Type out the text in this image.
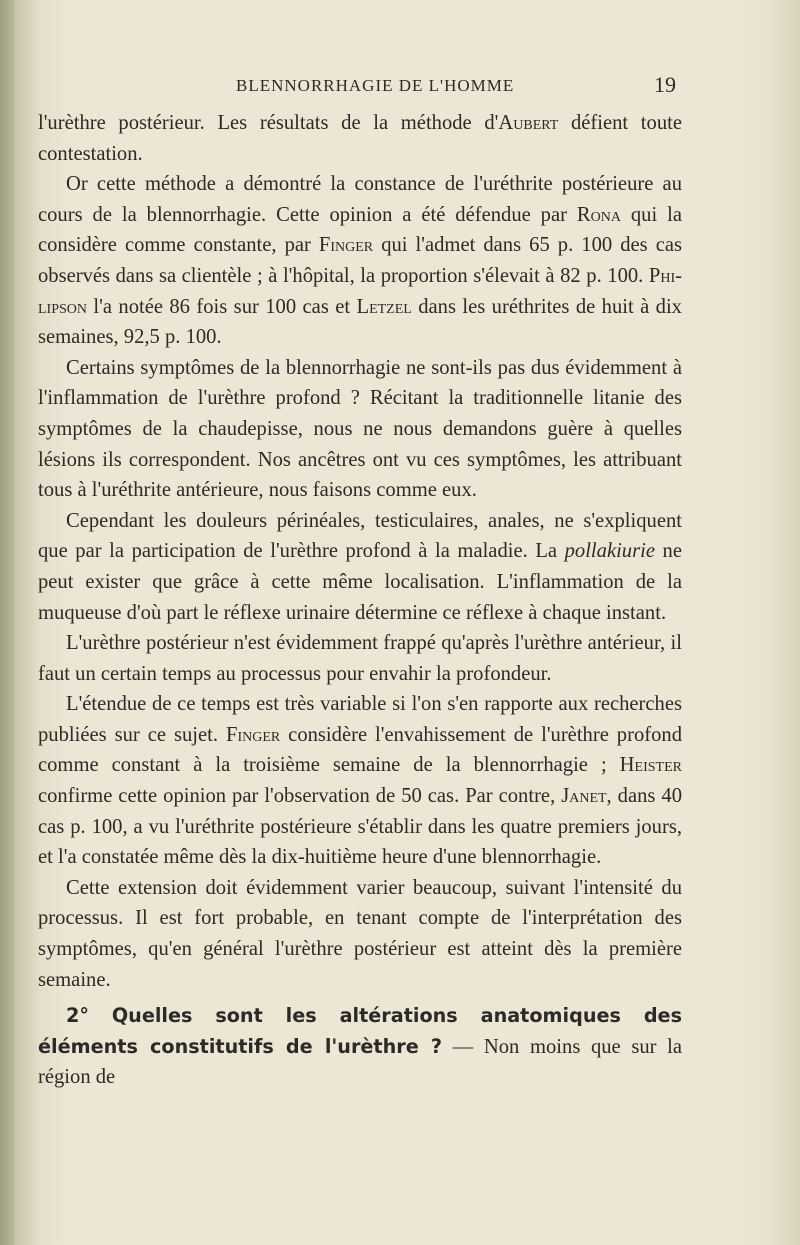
BLENNORRHAGIE DE L'HOMME	19

l'urèthre postérieur. Les résultats de la méthode d'Aubert défient toute contestation.

Or cette méthode a démontré la constance de l'uréthrite postérieure au cours de la blennorrhagie. Cette opinion a été défendue par Rona qui la considère comme constante, par Finger qui l'admet dans 65 p. 100 des cas observés dans sa clientèle ; à l'hôpital, la proportion s'élevait à 82 p. 100. Philipson l'a notée 86 fois sur 100 cas et Letzel dans les uréthrites de huit à dix semaines, 92,5 p. 100.

Certains symptômes de la blennorrhagie ne sont-ils pas dus évidemment à l'inflammation de l'urèthre profond ? Récitant la traditionnelle litanie des symptômes de la chaudepisse, nous ne nous demandons guère à quelles lésions ils correspondent. Nos ancêtres ont vu ces symptômes, les attribuant tous à l'uréthrite antérieure, nous faisons comme eux.

Cependant les douleurs périnéales, testiculaires, anales, ne s'expliquent que par la participation de l'urèthre profond à la maladie. La pollakiurie ne peut exister que grâce à cette même localisation. L'inflammation de la muqueuse d'où part le réflexe urinaire détermine ce réflexe à chaque instant.

L'urèthre postérieur n'est évidemment frappé qu'après l'urèthre antérieur, il faut un certain temps au processus pour envahir la profondeur.

L'étendue de ce temps est très variable si l'on s'en rapporte aux recherches publiées sur ce sujet. Finger considère l'envahissement de l'urèthre profond comme constant à la troisième semaine de la blennorrhagie ; Heister confirme cette opinion par l'observation de 50 cas. Par contre, Janet, dans 40 cas p. 100, a vu l'uréthrite postérieure s'établir dans les quatre premiers jours, et l'a constatée même dès la dix-huitième heure d'une blennorrhagie.

Cette extension doit évidemment varier beaucoup, suivant l'intensité du processus. Il est fort probable, en tenant compte de l'interprétation des symptômes, qu'en général l'urèthre postérieur est atteint dès la première semaine.

2° Quelles sont les altérations anatomiques des éléments constitutifs de l'urèthre ? — Non moins que sur la région de
